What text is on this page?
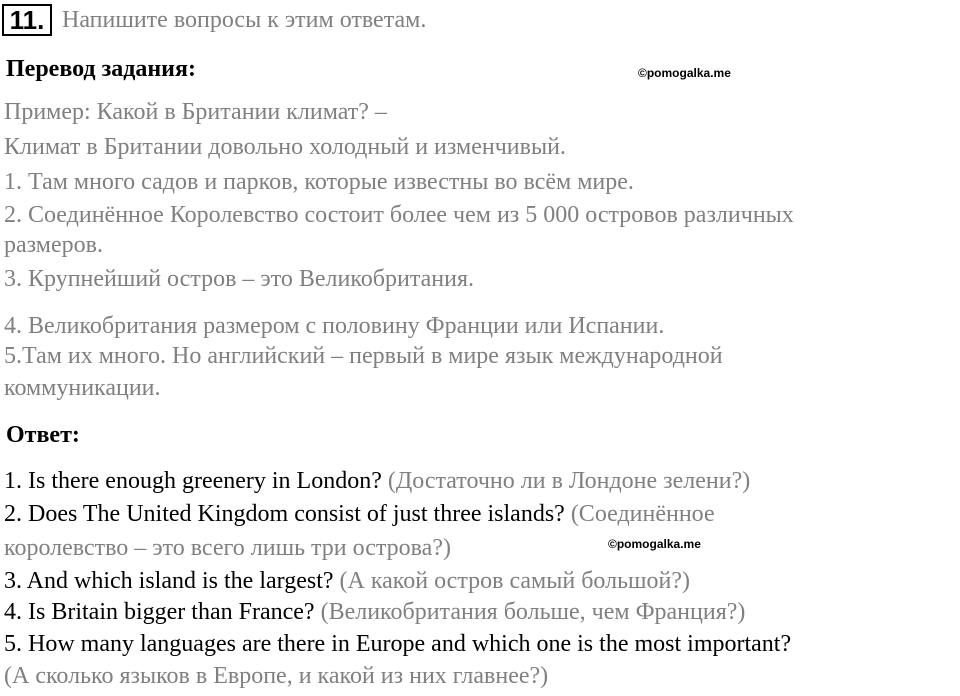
11. Напишите вопросы к этим ответам.
Перевод задания:	©pomogalka.me
Пример: Какой в Британии климат? –
Климат в Британии довольно холодный и изменчивый.
1. Там много садов и парков, которые известны во всём мире.
2. Соединённое Королевство состоит более чем из 5 000 островов различных
размеров.
3. Крупнейший остров – это Великобритания.
4. Великобритания размером с половину Франции или Испании.
5.Там их много. Но английский – первый в мире язык международной
коммуникации.
Ответ:
1. Is there enough greenery in London? (Достаточно ли в Лондоне зелени?)
2. Does The United Kingdom consist of just three islands? (Соединённое
королевство – это всего лишь три острова?)	©pomogalka.me
3. And which island is the largest? (А какой остров самый большой?)
4. Is Britain bigger than France? (Великобритания больше, чем Франция?)
5. How many languages are there in Europe and which one is the most important?
(А сколько языков в Европе, и какой из них главнее?)
